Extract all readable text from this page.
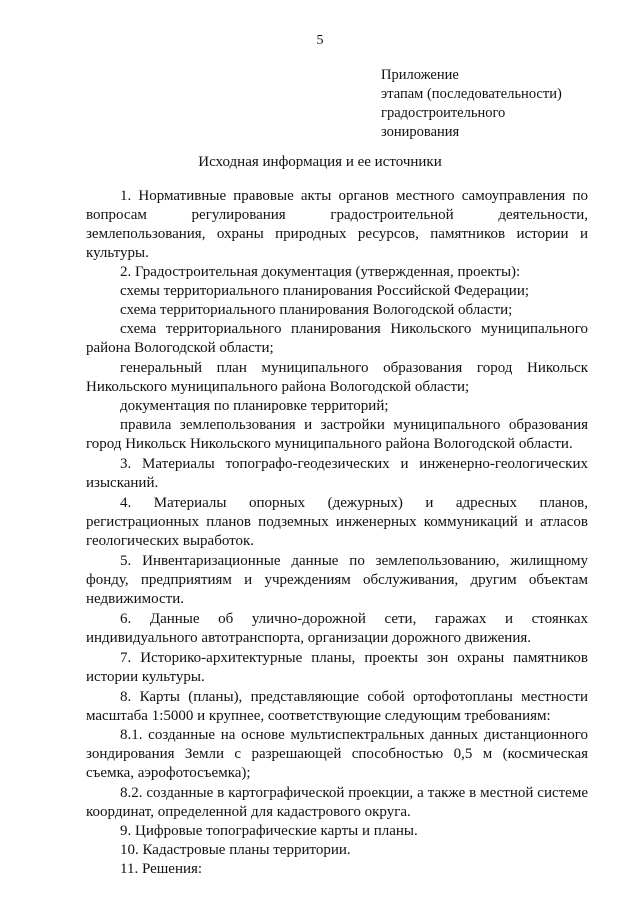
5
Приложение
этапам (последовательности)
градостроительного
зонирования
Исходная информация и ее источники

1. Нормативные правовые акты органов местного самоуправления по вопросам регулирования градостроительной деятельности, землепользования, охраны природных ресурсов, памятников истории и культуры.

2. Градостроительная документация (утвержденная, проекты):

схемы территориального планирования Российской Федерации;

схема территориального планирования Вологодской области;

схема территориального планирования Никольского муниципального района Вологодской области;

генеральный план муниципального образования город Никольск Никольского муниципального района Вологодской области;

документация по планировке территорий;

правила землепользования и застройки муниципального образования город Никольск Никольского муниципального района Вологодской области.

3. Материалы топографо-геодезических и инженерно-геологических изысканий.

4. Материалы опорных (дежурных) и адресных планов, регистрационных планов подземных инженерных коммуникаций и атласов геологических выработок.

5. Инвентаризационные данные по землепользованию, жилищному фонду, предприятиям и учреждениям обслуживания, другим объектам недвижимости.

6. Данные об улично-дорожной сети, гаражах и стоянках индивидуального автотранспорта, организации дорожного движения.

7. Историко-архитектурные планы, проекты зон охраны памятников истории культуры.

8. Карты (планы), представляющие собой ортофотопланы местности масштаба 1:5000 и крупнее, соответствующие следующим требованиям:

8.1. созданные на основе мультиспектральных данных дистанционного зондирования Земли с разрешающей способностью 0,5 м (космическая съемка, аэрофотосъемка);

8.2. созданные в картографической проекции, а также в местной системе координат, определенной для кадастрового округа.

9. Цифровые топографические карты и планы.

10. Кадастровые планы территории.

11. Решения:
